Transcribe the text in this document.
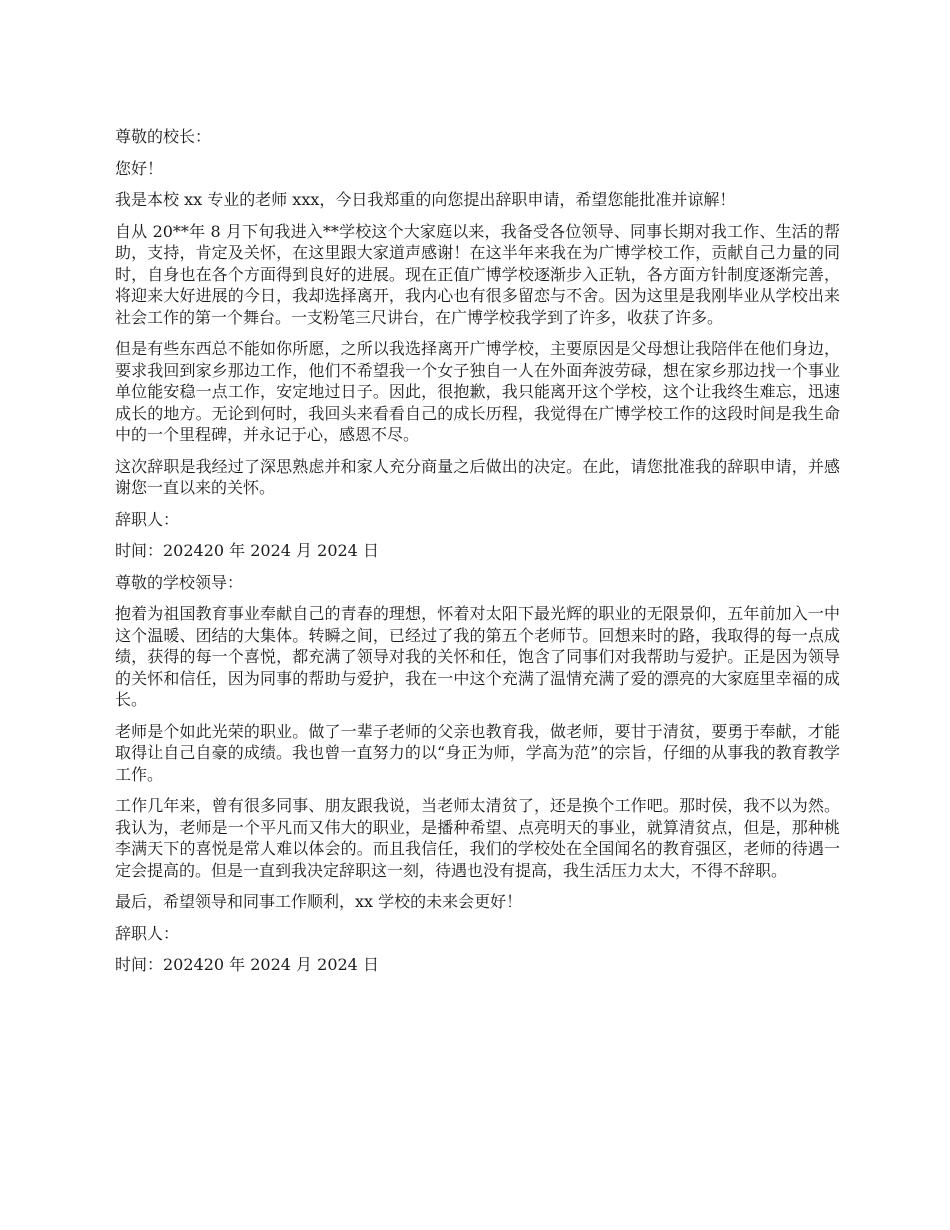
尊敬的校长：

您好！

我是本校 xx 专业的老师 xxx，今日我郑重的向您提出辞职申请，希望您能批准并谅解！

自从 20**年 8 月下旬我进入**学校这个大家庭以来，我备受各位领导、同事长期对我工作、生活的帮助，支持，肯定及关怀，在这里跟大家道声感谢！在这半年来我在为广博学校工作，贡献自己力量的同时，自身也在各个方面得到良好的进展。现在正值广博学校逐渐步入正轨，各方面方针制度逐渐完善，将迎来大好进展的今日，我却选择离开，我内心也有很多留恋与不舍。因为这里是我刚毕业从学校出来社会工作的第一个舞台。一支粉笔三尺讲台，在广博学校我学到了许多，收获了许多。

但是有些东西总不能如你所愿，之所以我选择离开广博学校，主要原因是父母想让我陪伴在他们身边，要求我回到家乡那边工作，他们不希望我一个女子独自一人在外面奔波劳碌，想在家乡那边找一个事业单位能安稳一点工作，安定地过日子。因此，很抱歉，我只能离开这个学校，这个让我终生难忘，迅速成长的地方。无论到何时，我回头来看看自己的成长历程，我觉得在广博学校工作的这段时间是我生命中的一个里程碑，并永记于心，感恩不尽。

这次辞职是我经过了深思熟虑并和家人充分商量之后做出的决定。在此，请您批准我的辞职申请，并感谢您一直以来的关怀。

辞职人：

时间：202420 年 2024 月 2024 日

尊敬的学校领导：

抱着为祖国教育事业奉献自己的青春的理想，怀着对太阳下最光辉的职业的无限景仰，五年前加入一中这个温暖、团结的大集体。转瞬之间，已经过了我的第五个老师节。回想来时的路，我取得的每一点成绩，获得的每一个喜悦，都充满了领导对我的关怀和任，饱含了同事们对我帮助与爱护。正是因为领导的关怀和信任，因为同事的帮助与爱护，我在一中这个充满了温情充满了爱的漂亮的大家庭里幸福的成长。

老师是个如此光荣的职业。做了一辈子老师的父亲也教育我，做老师，要甘于清贫，要勇于奉献，才能取得让自己自豪的成绩。我也曾一直努力的以“身正为师，学高为范”的宗旨，仔细的从事我的教育教学工作。

工作几年来，曾有很多同事、朋友跟我说，当老师太清贫了，还是换个工作吧。那时侯，我不以为然。我认为，老师是一个平凡而又伟大的职业，是播种希望、点亮明天的事业，就算清贫点，但是，那种桃李满天下的喜悦是常人难以体会的。而且我信任，我们的学校处在全国闻名的教育强区，老师的待遇一定会提高的。但是一直到我决定辞职这一刻，待遇也没有提高，我生活压力太大，不得不辞职。

最后，希望领导和同事工作顺利，xx 学校的未来会更好！

辞职人：

时间：202420 年 2024 月 2024 日
